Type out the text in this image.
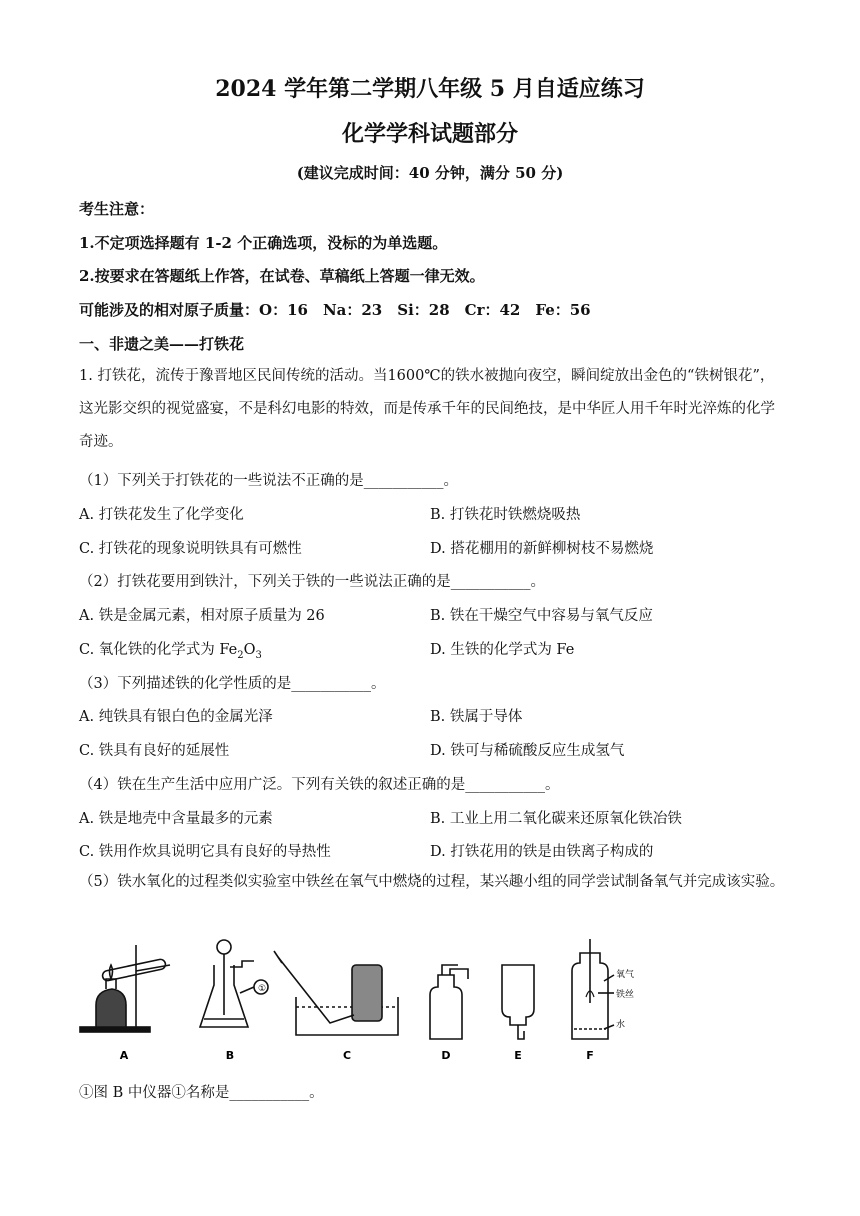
2024 学年第二学期八年级 5 月自适应练习
化学学科试题部分
(建议完成时间：40 分钟，满分 50 分)
考生注意：
1.不定项选择题有 1-2 个正确选项，没标的为单选题。
2.按要求在答题纸上作答，在试卷、草稿纸上答题一律无效。
可能涉及的相对原子质量：O：16　Na：23　Si：28　Cr：42　Fe：56
一、非遗之美——打铁花
1. 打铁花，流传于豫晋地区民间传统的活动。当1600℃的铁水被抛向夜空，瞬间绽放出金色的“铁树银花”，这光影交织的视觉盛宴，不是科幻电影的特效，而是传承千年的民间绝技，是中华匠人用千年时光淬炼的化学奇迹。
（1）下列关于打铁花的一些说法不正确的是___________。
A. 打铁花发生了化学变化	B. 打铁花时铁燃烧吸热
C. 打铁花的现象说明铁具有可燃性	D. 搭花棚用的新鲜柳树枝不易燃烧
（2）打铁花要用到铁汁，下列关于铁的一些说法正确的是___________。
A. 铁是金属元素，相对原子质量为 26	B. 铁在干燥空气中容易与氧气反应
C. 氧化铁的化学式为 $Fe_2O_3$	D. 生铁的化学式为 Fe
（3）下列描述铁的化学性质的是___________。
A. 纯铁具有银白色的金属光泽	B. 铁属于导体
C. 铁具有良好的延展性	D. 铁可与稀硫酸反应生成氢气
（4）铁在生产生活中应用广泛。下列有关铁的叙述正确的是___________。
A. 铁是地壳中含量最多的元素	B. 工业上用二氧化碳来还原氧化铁冶铁
C. 铁用作炊具说明它具有良好的导热性	D. 打铁花用的铁是由铁离子构成的
（5）铁水氧化的过程类似实验室中铁丝在氧气中燃烧的过程，某兴趣小组的同学尝试制备氧气并完成该实验。
①
氧气
铁丝
水
A	B	C	D	E	F
①图 B 中仪器①名称是___________。
